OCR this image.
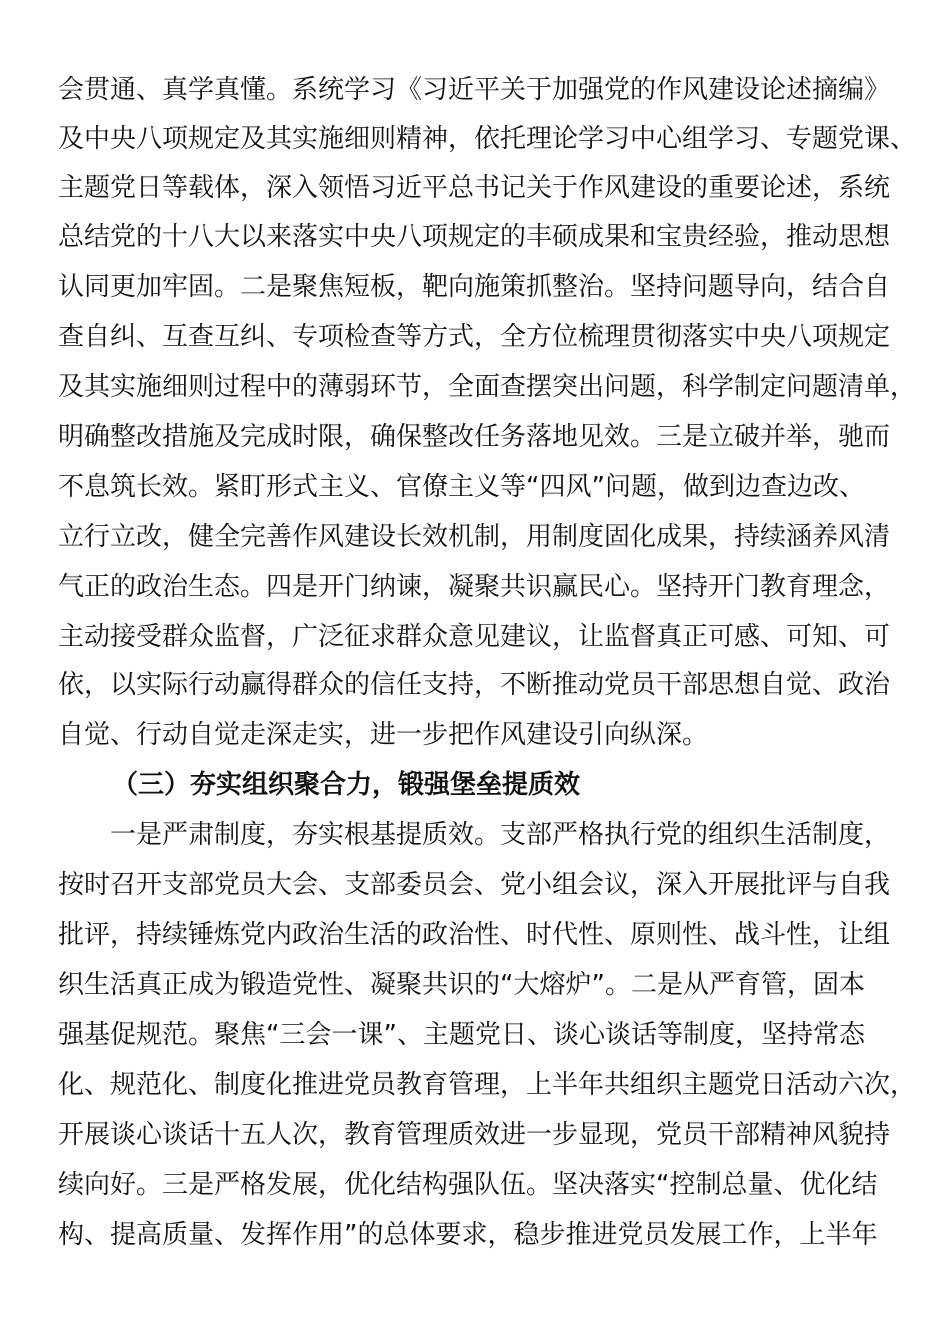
会贯通、真学真懂。系统学习《习近平关于加强党的作风建设论述摘编》
及中央八项规定及其实施细则精神，依托理论学习中心组学习、专题党课、
主题党日等载体，深入领悟习近平总书记关于作风建设的重要论述，系统
总结党的十八大以来落实中央八项规定的丰硕成果和宝贵经验，推动思想
认同更加牢固。二是聚焦短板，靶向施策抓整治。坚持问题导向，结合自
查自纠、互查互纠、专项检查等方式，全方位梳理贯彻落实中央八项规定
及其实施细则过程中的薄弱环节，全面查摆突出问题，科学制定问题清单，
明确整改措施及完成时限，确保整改任务落地见效。三是立破并举，驰而
不息筑长效。紧盯形式主义、官僚主义等“四风”问题，做到边查边改、
立行立改，健全完善作风建设长效机制，用制度固化成果，持续涵养风清
气正的政治生态。四是开门纳谏，凝聚共识赢民心。坚持开门教育理念，
主动接受群众监督，广泛征求群众意见建议，让监督真正可感、可知、可
依，以实际行动赢得群众的信任支持，不断推动党员干部思想自觉、政治
自觉、行动自觉走深走实，进一步把作风建设引向纵深。
（三）夯实组织聚合力，锻强堡垒提质效
一是严肃制度，夯实根基提质效。支部严格执行党的组织生活制度，
按时召开支部党员大会、支部委员会、党小组会议，深入开展批评与自我
批评，持续锤炼党内政治生活的政治性、时代性、原则性、战斗性，让组
织生活真正成为锻造党性、凝聚共识的“大熔炉”。二是从严育管，固本
强基促规范。聚焦“三会一课”、主题党日、谈心谈话等制度，坚持常态
化、规范化、制度化推进党员教育管理，上半年共组织主题党日活动六次，
开展谈心谈话十五人次，教育管理质效进一步显现，党员干部精神风貌持
续向好。三是严格发展，优化结构强队伍。坚决落实“控制总量、优化结
构、提高质量、发挥作用”的总体要求，稳步推进党员发展工作，上半年
